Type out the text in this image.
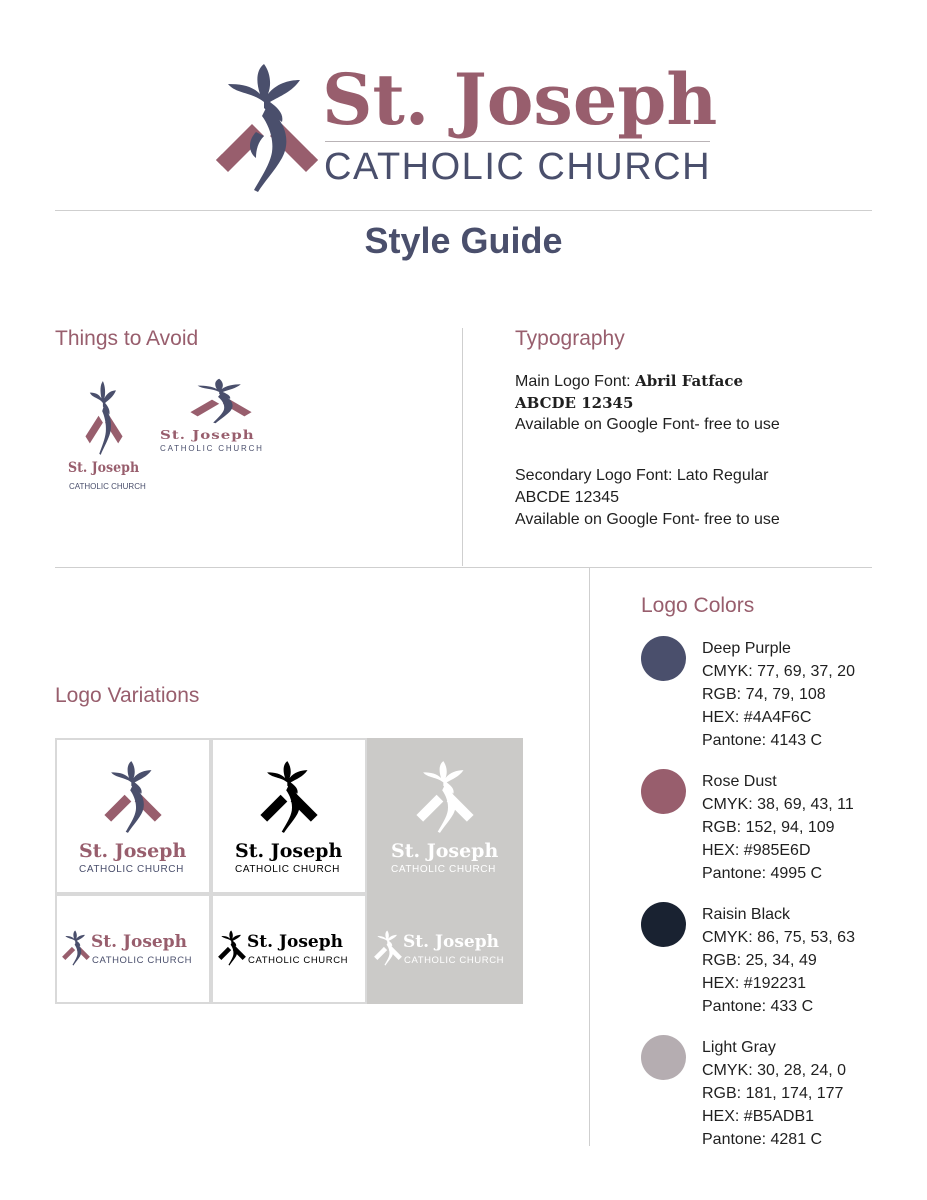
St. Joseph
CATHOLIC CHURCH
Style Guide
Things to Avoid
St. Joseph
CATHOLIC CHURCH
St. Joseph
CATHOLIC CHURCH
Typography
Main Logo Font: Abril Fatface
ABCDE 12345
Available on Google Font- free to use
Secondary Logo Font: Lato Regular
ABCDE 12345
Available on Google Font- free to use
Logo Variations
St. Joseph
CATHOLIC CHURCH
St. Joseph
CATHOLIC CHURCH
St. Joseph
CATHOLIC CHURCH
St. Joseph
CATHOLIC CHURCH
St. Joseph
CATHOLIC CHURCH
St. Joseph
CATHOLIC CHURCH
Logo Colors
Deep Purple
CMYK: 77, 69, 37, 20
RGB: 74, 79, 108
HEX: #4A4F6C
Pantone: 4143 C
Rose Dust
CMYK: 38, 69, 43, 11
RGB: 152, 94, 109
HEX: #985E6D
Pantone: 4995 C
Raisin Black
CMYK: 86, 75, 53, 63
RGB: 25, 34, 49
HEX: #192231
Pantone: 433 C
Light Gray
CMYK: 30, 28, 24, 0
RGB: 181, 174, 177
HEX: #B5ADB1
Pantone: 4281 C
